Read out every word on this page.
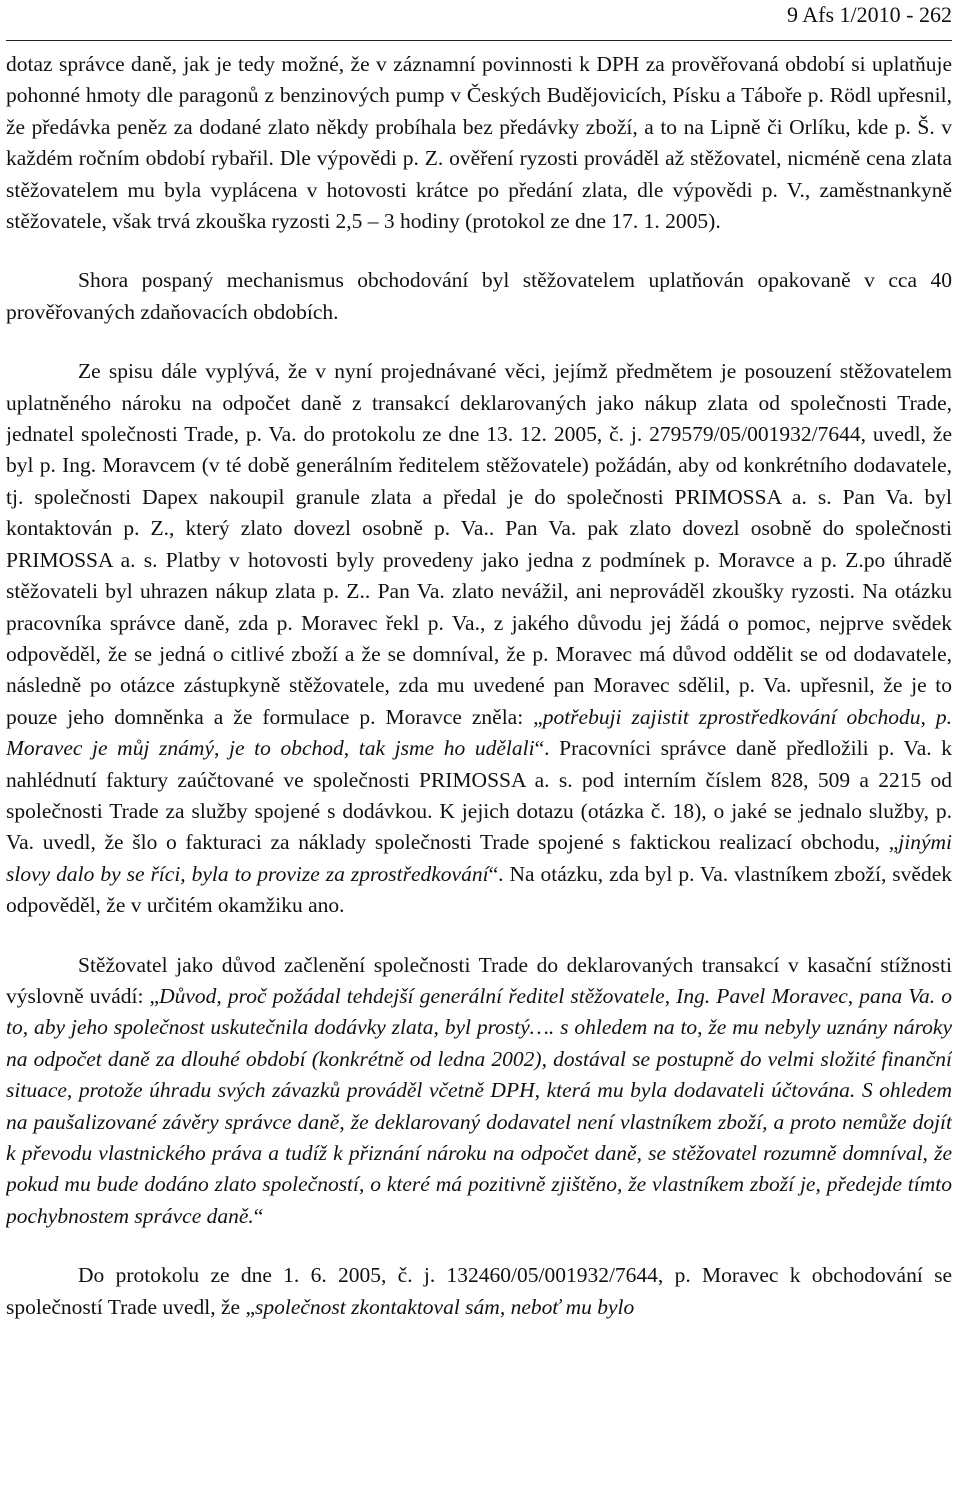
9 Afs 1/2010 - 262

dotaz správce daně, jak je tedy možné, že v záznamní povinnosti k DPH za prověřovaná období si uplatňuje pohonné hmoty dle paragonů z benzinových pump v Českých Budějovicích, Písku a Táboře p. Rödl upřesnil, že předávka peněz za dodané zlato někdy probíhala bez předávky zboží, a to na Lipně či Orlíku, kde p. Š. v každém ročním období rybařil. Dle výpovědi p. Z. ověření ryzosti prováděl až stěžovatel, nicméně cena zlata stěžovatelem mu byla vyplácena v hotovosti krátce po předání zlata, dle výpovědi p. V., zaměstnankyně stěžovatele, však trvá zkouška ryzosti 2,5 – 3 hodiny (protokol ze dne 17. 1. 2005).

Shora pospaný mechanismus obchodování byl stěžovatelem uplatňován opakovaně v cca 40 prověřovaných zdaňovacích obdobích.

Ze spisu dále vyplývá, že v nyní projednávané věci, jejímž předmětem je posouzení stěžovatelem uplatněného nároku na odpočet daně z transakcí deklarovaných jako nákup zlata od společnosti Trade, jednatel společnosti Trade, p. Va. do protokolu ze dne 13. 12. 2005, č. j. 279579/05/001932/7644, uvedl, že byl p. Ing. Moravcem (v té době generálním ředitelem stěžovatele) požádán, aby od konkrétního dodavatele, tj. společnosti Dapex nakoupil granule zlata a předal je do společnosti PRIMOSSA a. s. Pan Va. byl kontaktován p. Z., který zlato dovezl osobně p. Va.. Pan Va. pak zlato dovezl osobně do společnosti PRIMOSSA a. s. Platby v hotovosti byly provedeny jako jedna z podmínek p. Moravce a p. Z.po úhradě stěžovateli byl uhrazen nákup zlata p. Z.. Pan Va. zlato nevážil, ani neprováděl zkoušky ryzosti. Na otázku pracovníka správce daně, zda p. Moravec řekl p. Va., z jakého důvodu jej žádá o pomoc, nejprve svědek odpověděl, že se jedná o citlivé zboží a že se domníval, že p. Moravec má důvod oddělit se od dodavatele, následně po otázce zástupkyně stěžovatele, zda mu uvedené pan Moravec sdělil, p. Va. upřesnil, že je to pouze jeho domněnka a že formulace p. Moravce zněla: „potřebuji zajistit zprostředkování obchodu, p. Moravec je můj známý, je to obchod, tak jsme ho udělali“. Pracovníci správce daně předložili p. Va. k nahlédnutí faktury zaúčtované ve společnosti PRIMOSSA a. s. pod interním číslem 828, 509 a 2215 od společnosti Trade za služby spojené s dodávkou. K jejich dotazu (otázka č. 18), o jaké se jednalo služby, p. Va. uvedl, že šlo o fakturaci za náklady společnosti Trade spojené s faktickou realizací obchodu, „jinými slovy dalo by se říci, byla to provize za zprostředkování“. Na otázku, zda byl p. Va. vlastníkem zboží, svědek odpověděl, že v určitém okamžiku ano.

Stěžovatel jako důvod začlenění společnosti Trade do deklarovaných transakcí v kasační stížnosti výslovně uvádí: „Důvod, proč požádal tehdejší generální ředitel stěžovatele, Ing. Pavel Moravec, pana Va. o to, aby jeho společnost uskutečnila dodávky zlata, byl prostý…. s ohledem na to, že mu nebyly uznány nároky na odpočet daně za dlouhé období (konkrétně od ledna 2002), dostával se postupně do velmi složité finanční situace, protože úhradu svých závazků prováděl včetně DPH, která mu byla dodavateli účtována. S ohledem na paušalizované závěry správce daně, že deklarovaný dodavatel není vlastníkem zboží, a proto nemůže dojít k převodu vlastnického práva a tudíž k přiznání nároku na odpočet daně, se stěžovatel rozumně domníval, že pokud mu bude dodáno zlato společností, o které má pozitivně zjištěno, že vlastníkem zboží je, předejde tímto pochybnostem správce daně.“

Do protokolu ze dne 1. 6. 2005, č. j. 132460/05/001932/7644, p. Moravec k obchodování se společností Trade uvedl, že „společnost zkontaktoval sám, neboť mu bylo
